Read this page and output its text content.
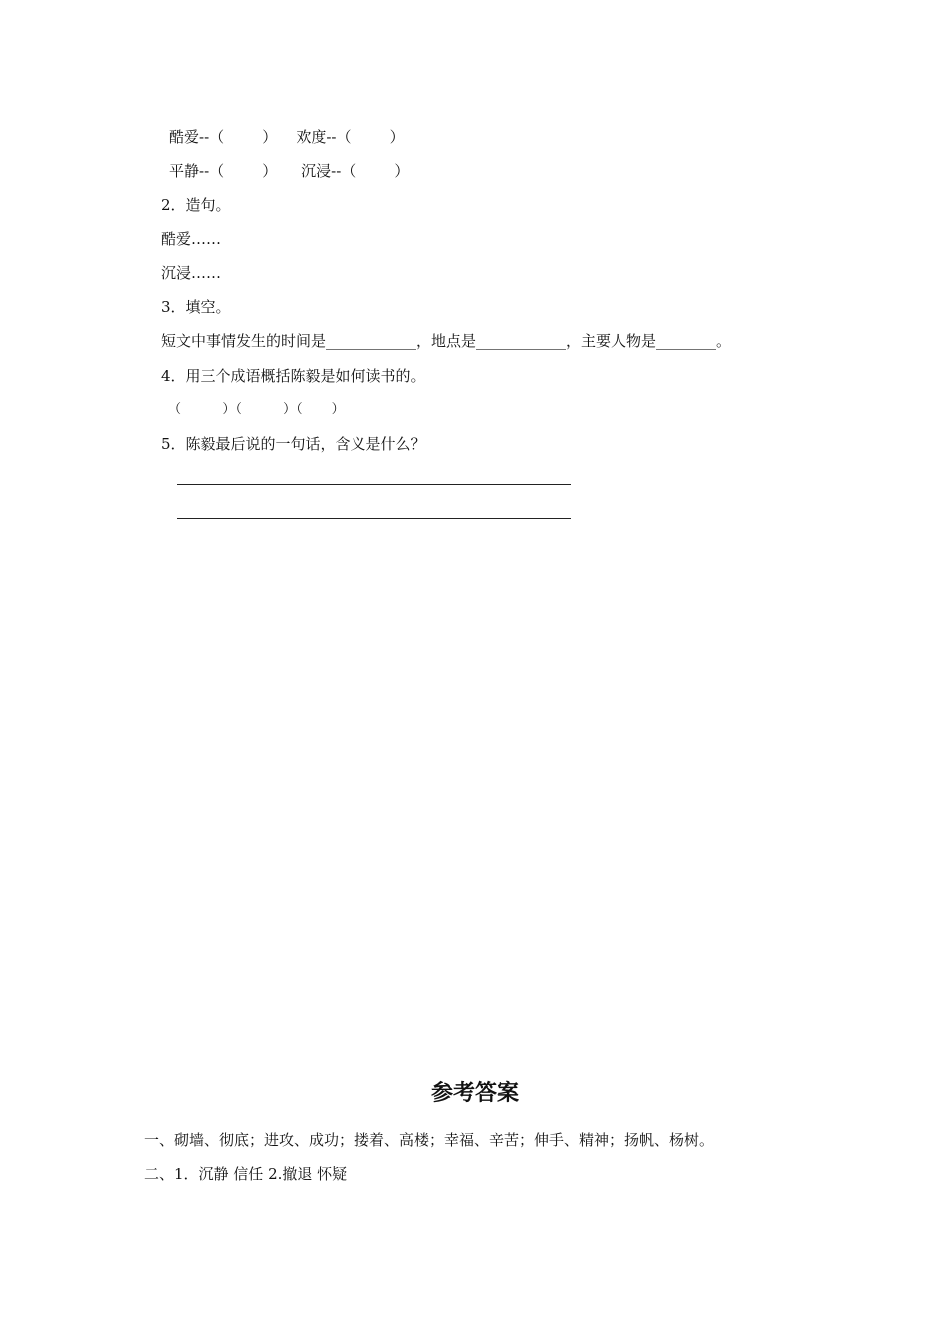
酷爱--（        ）    欢度--（        ）
平静--（        ）     沉浸--（        ）
2．造句。
酷爱……
沉浸……
3．填空。
短文中事情发生的时间是____________，地点是____________，主要人物是________。
4．用三个成语概括陈毅是如何读书的。
（          ）（          ）（       ）
5．陈毅最后说的一句话，含义是什么？
参考答案
一、砌墙、彻底；进攻、成功；搂着、高楼；幸福、辛苦；伸手、精神；扬帆、杨树。
二、1．沉静 信任 2.撤退 怀疑
